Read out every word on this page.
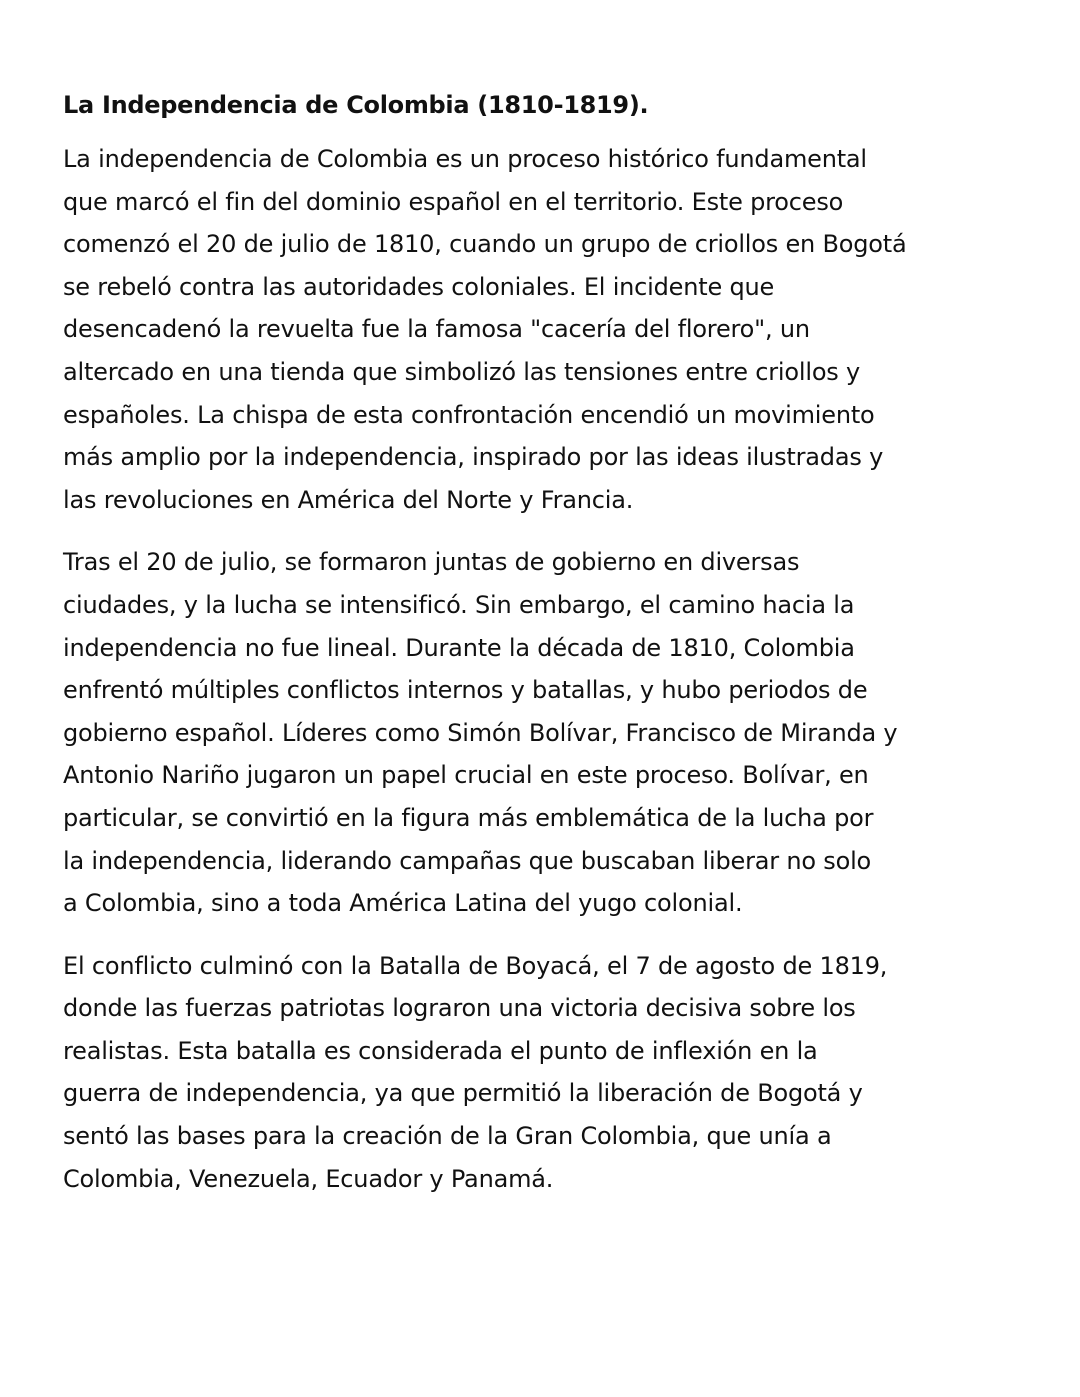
La Independencia de Colombia (1810-1819).

La independencia de Colombia es un proceso histórico fundamental
que marcó el fin del dominio español en el territorio. Este proceso
comenzó el 20 de julio de 1810, cuando un grupo de criollos en Bogotá
se rebeló contra las autoridades coloniales. El incidente que
desencadenó la revuelta fue la famosa "cacería del florero", un
altercado en una tienda que simbolizó las tensiones entre criollos y
españoles. La chispa de esta confrontación encendió un movimiento
más amplio por la independencia, inspirado por las ideas ilustradas y
las revoluciones en América del Norte y Francia.

Tras el 20 de julio, se formaron juntas de gobierno en diversas
ciudades, y la lucha se intensificó. Sin embargo, el camino hacia la
independencia no fue lineal. Durante la década de 1810, Colombia
enfrentó múltiples conflictos internos y batallas, y hubo periodos de
gobierno español. Líderes como Simón Bolívar, Francisco de Miranda y
Antonio Nariño jugaron un papel crucial en este proceso. Bolívar, en
particular, se convirtió en la figura más emblemática de la lucha por
la independencia, liderando campañas que buscaban liberar no solo
a Colombia, sino a toda América Latina del yugo colonial.

El conflicto culminó con la Batalla de Boyacá, el 7 de agosto de 1819,
donde las fuerzas patriotas lograron una victoria decisiva sobre los
realistas. Esta batalla es considerada el punto de inflexión en la
guerra de independencia, ya que permitió la liberación de Bogotá y
sentó las bases para la creación de la Gran Colombia, que unía a
Colombia, Venezuela, Ecuador y Panamá.
